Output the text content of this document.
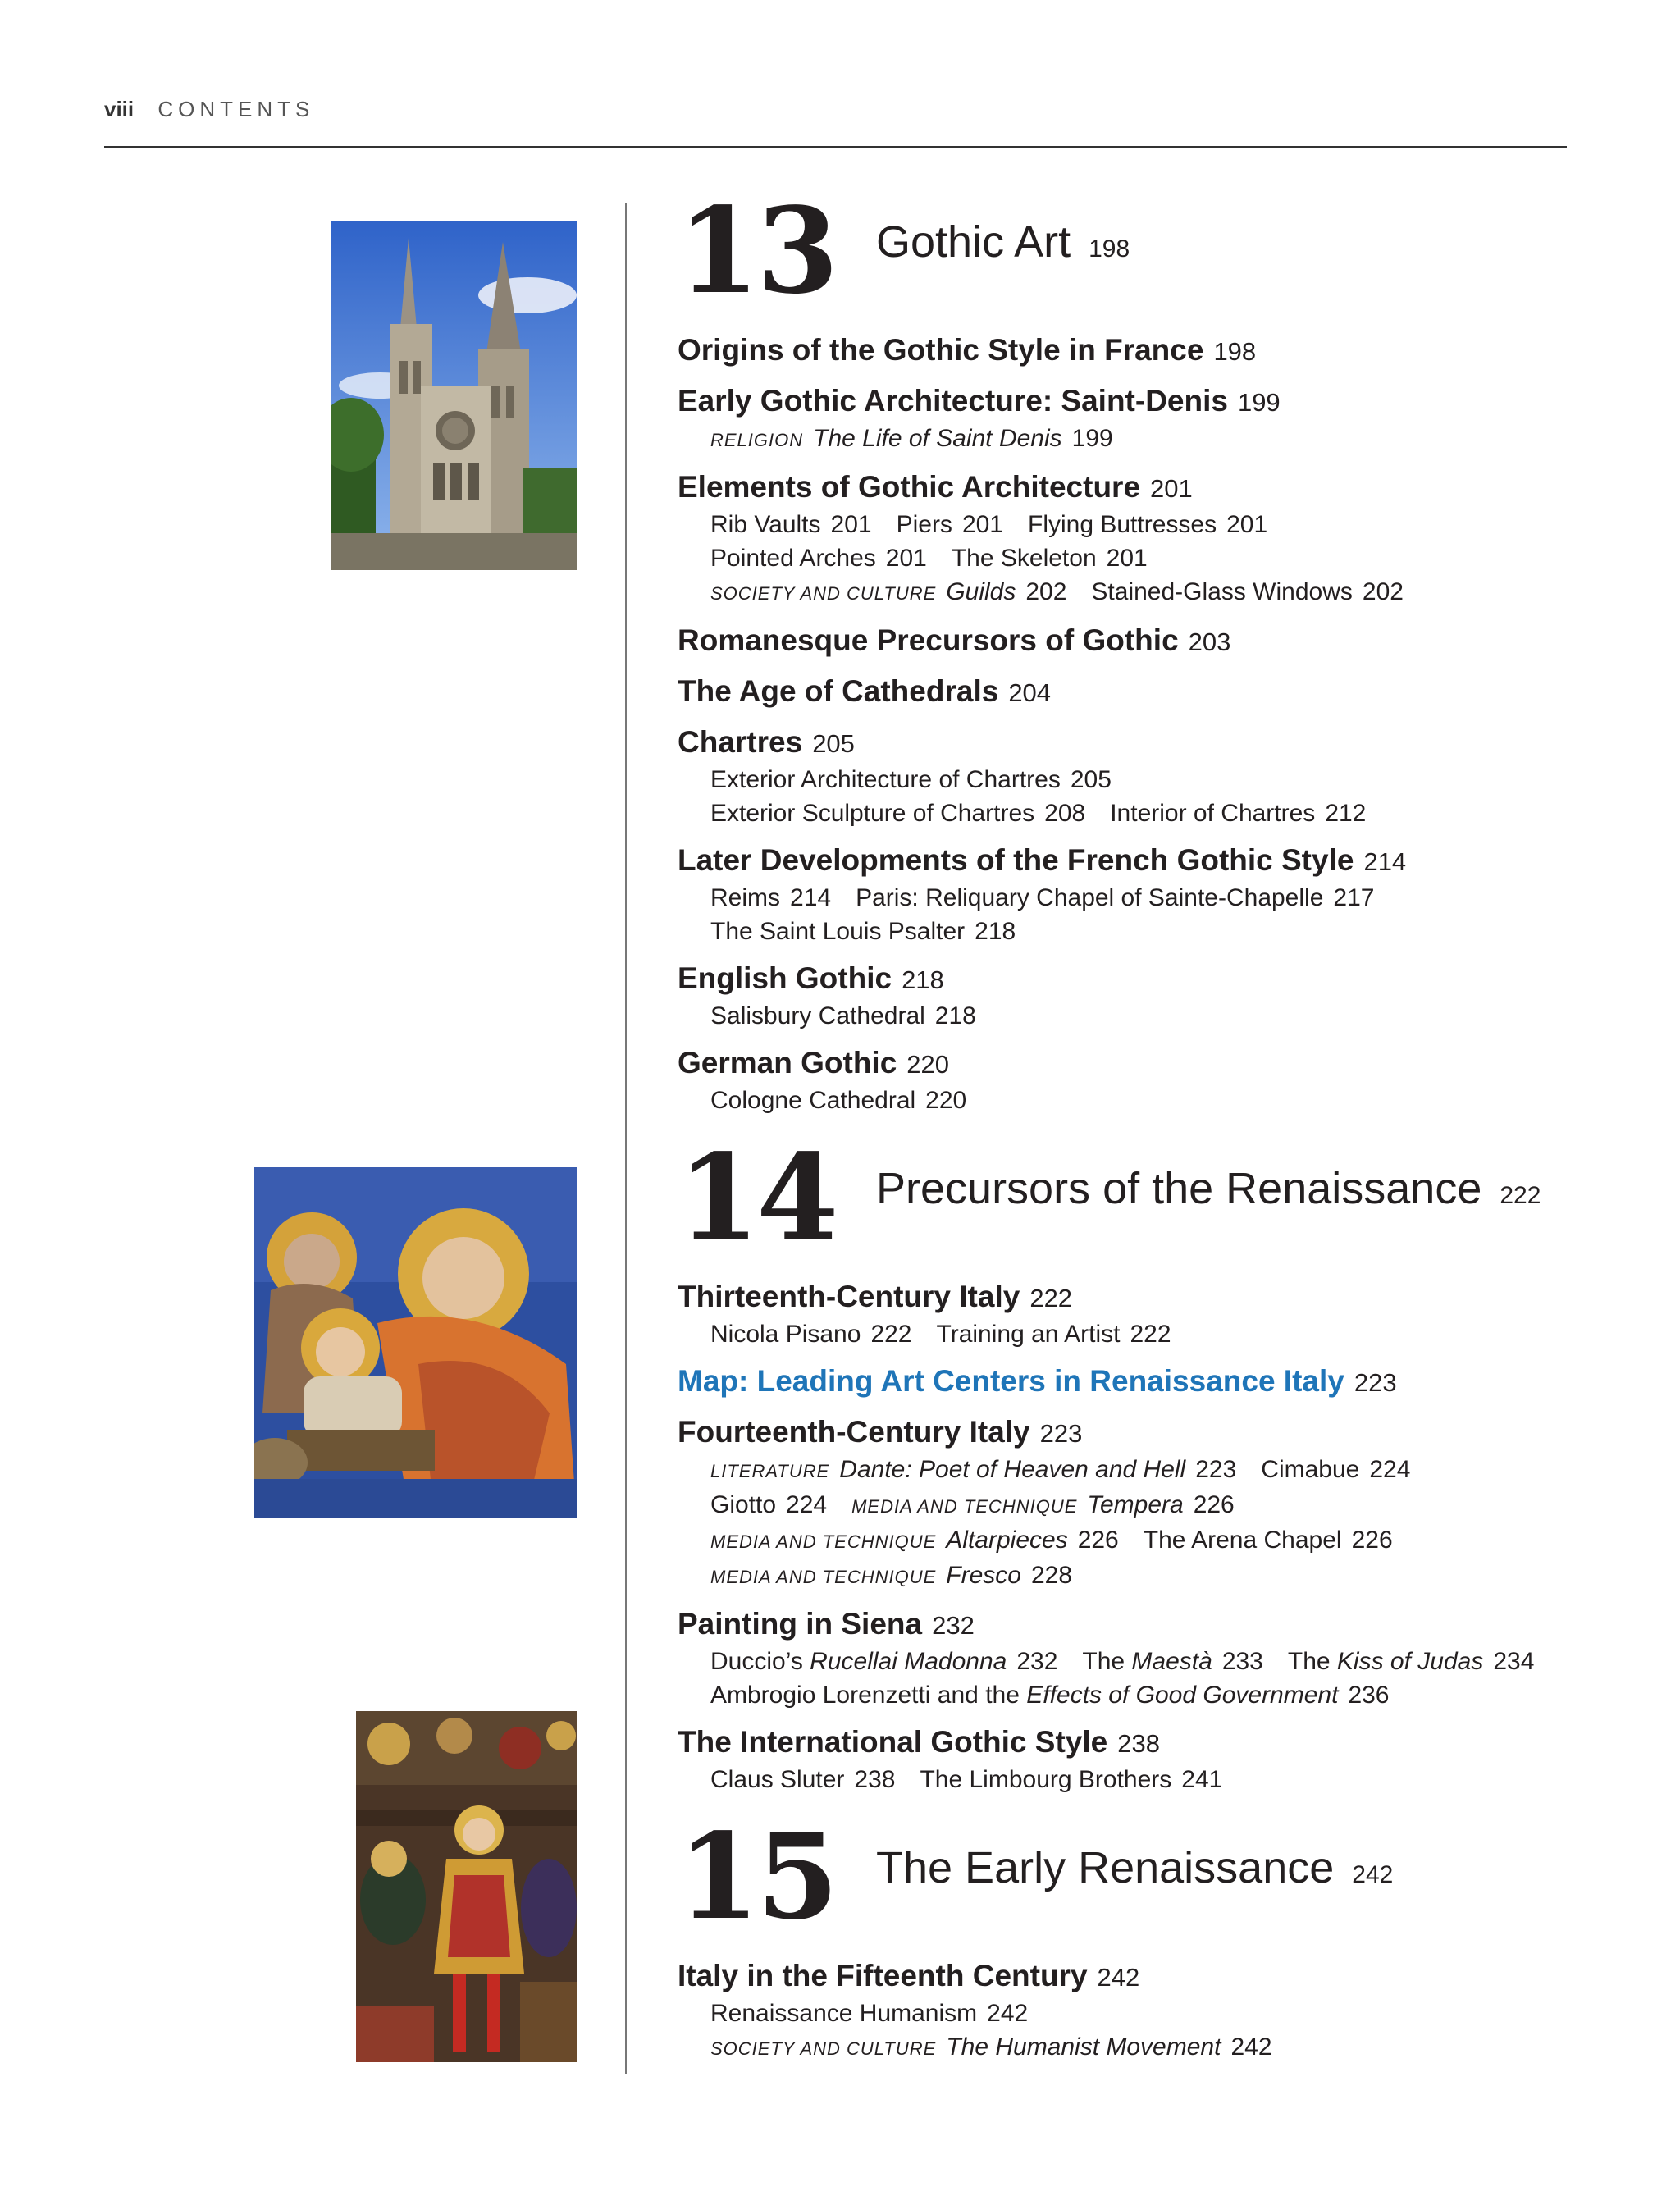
viii CONTENTS
13 Gothic Art 198
Origins of the Gothic Style in France 198
Early Gothic Architecture: Saint-Denis 199
RELIGION The Life of Saint Denis 199
Elements of Gothic Architecture 201
Rib Vaults 201 Piers 201 Flying Buttresses 201
Pointed Arches 201 The Skeleton 201
SOCIETY AND CULTURE Guilds 202 Stained-Glass Windows 202
Romanesque Precursors of Gothic 203
The Age of Cathedrals 204
Chartres 205
Exterior Architecture of Chartres 205
Exterior Sculpture of Chartres 208 Interior of Chartres 212
Later Developments of the French Gothic Style 214
Reims 214 Paris: Reliquary Chapel of Sainte-Chapelle 217
The Saint Louis Psalter 218
English Gothic 218
Salisbury Cathedral 218
German Gothic 220
Cologne Cathedral 220
14 Precursors of the Renaissance 222
Thirteenth-Century Italy 222
Nicola Pisano 222 Training an Artist 222
Map: Leading Art Centers in Renaissance Italy 223
Fourteenth-Century Italy 223
LITERATURE Dante: Poet of Heaven and Hell 223 Cimabue 224
Giotto 224 MEDIA AND TECHNIQUE Tempera 226
MEDIA AND TECHNIQUE Altarpieces 226 The Arena Chapel 226
MEDIA AND TECHNIQUE Fresco 228
Painting in Siena 232
Duccio’s Rucellai Madonna 232 The Maestà 233 The Kiss of Judas 234
Ambrogio Lorenzetti and the Effects of Good Government 236
The International Gothic Style 238
Claus Sluter 238 The Limbourg Brothers 241
15 The Early Renaissance 242
Italy in the Fifteenth Century 242
Renaissance Humanism 242
SOCIETY AND CULTURE The Humanist Movement 242
